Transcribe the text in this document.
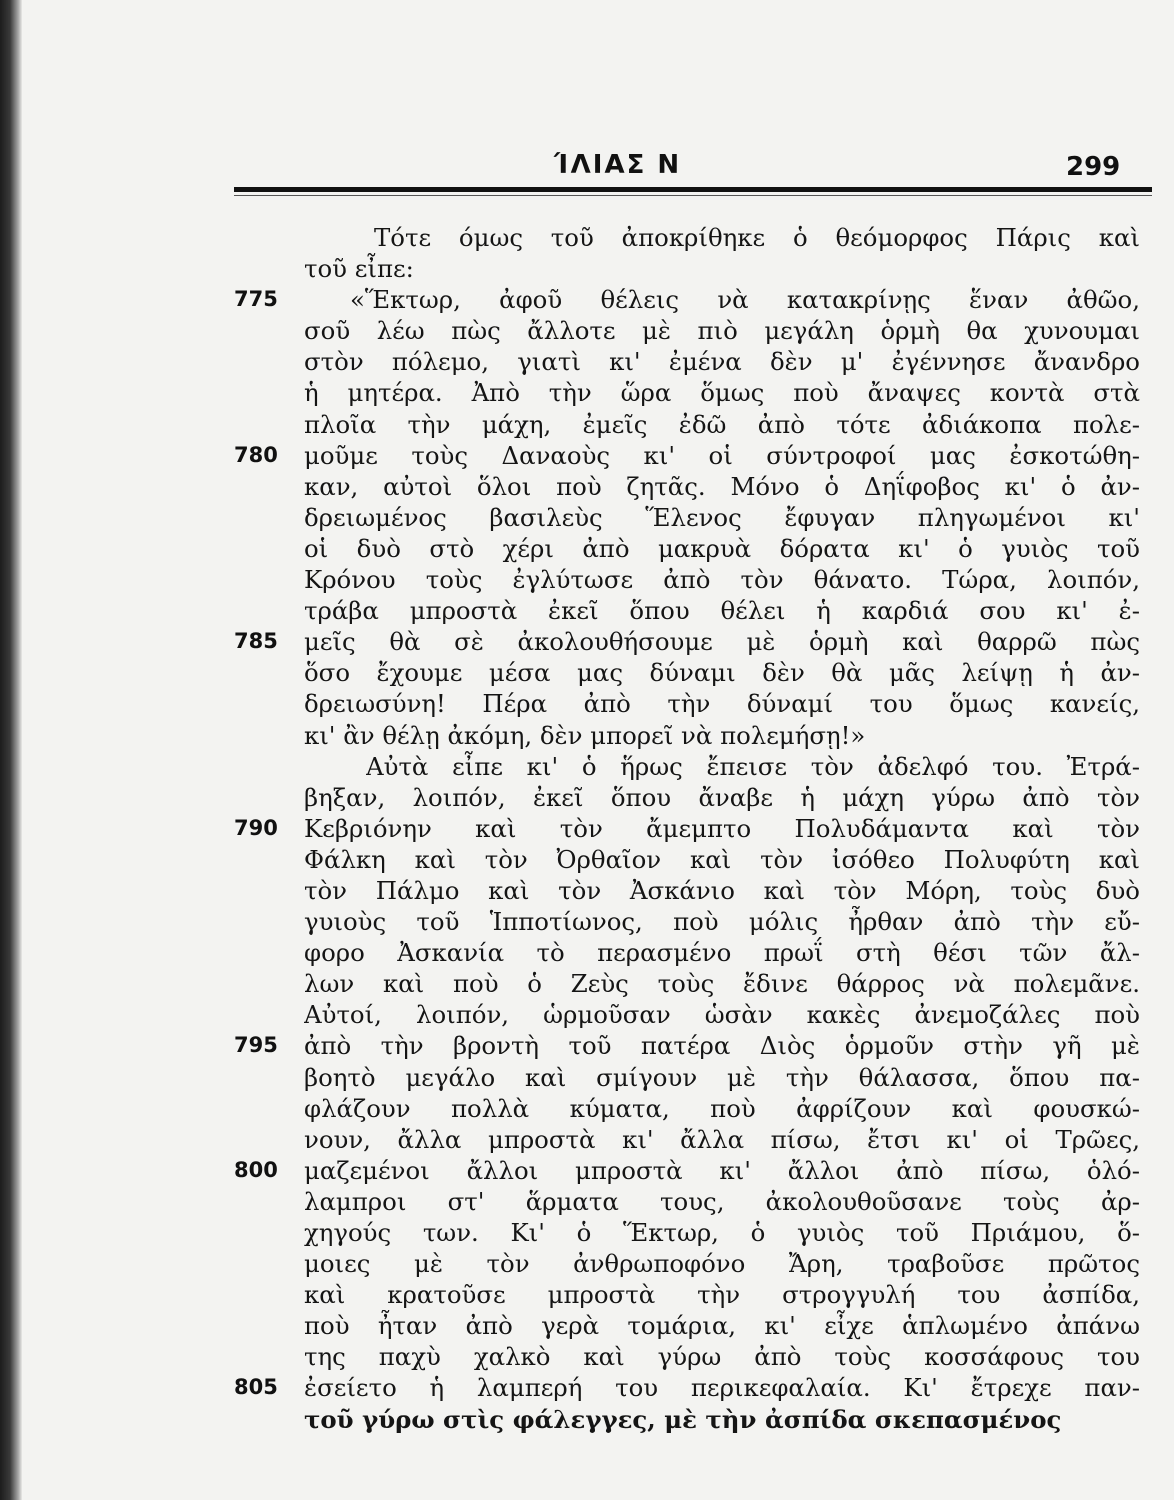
ΊΛΙΑΣ Ν	299
Τότε όμως τοῦ ἀποκρίθηκε ὁ θεόμορφος Πάρις καὶ
τοῦ εἶπε:
775	«Ἕκτωρ, ἀφοῦ θέλεις νὰ κατακρίνῃς ἕναν ἀθῶο,
σοῦ λέω πὼς ἄλλοτε μὲ πιὸ μεγάλη ὁρμὴ θα χυνουμαι
στὸν πόλεμο, γιατὶ κι' ἐμένα δὲν μ' ἐγέννησε ἄνανδρο
ἡ μητέρα. Ἀπὸ τὴν ὥρα ὅμως ποὺ ἄναψες κοντὰ στὰ
πλοῖα τὴν μάχη, ἐμεῖς ἐδῶ ἀπὸ τότε ἀδιάκοπα πολε-
780	μοῦμε τοὺς Δαναοὺς κι' οἱ σύντροφοί μας ἐσκοτώθη-
καν, αὐτοὶ ὅλοι ποὺ ζητᾶς. Μόνο ὁ Δηΐφοβος κι' ὁ ἀν-
δρειωμένος βασιλεὺς Ἕλενος ἔφυγαν πληγωμένοι κι'
οἱ δυὸ στὸ χέρι ἀπὸ μακρυὰ δόρατα κι' ὁ γυιὸς τοῦ
Κρόνου τοὺς ἐγλύτωσε ἀπὸ τὸν θάνατο. Τώρα, λοιπόν,
τράβα μπροστὰ ἐκεῖ ὅπου θέλει ἡ καρδιά σου κι' ἐ-
785	μεῖς θὰ σὲ ἀκολουθήσουμε μὲ ὁρμὴ καὶ θαρρῶ πὼς
ὅσο ἔχουμε μέσα μας δύναμι δὲν θὰ μᾶς λείψῃ ἡ ἀν-
δρειωσύνη! Πέρα ἀπὸ τὴν δύναμί του ὅμως κανείς,
κι' ἂν θέλῃ ἀκόμη, δὲν μπορεῖ νὰ πολεμήσῃ!»
Αὐτὰ εἶπε κι' ὁ ἥρως ἔπεισε τὸν ἀδελφό του. Ἐτρά-
βηξαν, λοιπόν, ἐκεῖ ὅπου ἄναβε ἡ μάχη γύρω ἀπὸ τὸν
790	Κεβριόνην καὶ τὸν ἄμεμπτο Πολυδάμαντα καὶ τὸν
Φάλκη καὶ τὸν Ὀρθαῖον καὶ τὸν ἰσόθεο Πολυφύτη καὶ
τὸν Πάλμο καὶ τὸν Ἀσκάνιο καὶ τὸν Μόρη, τοὺς δυὸ
γυιοὺς τοῦ Ἱπποτίωνος, ποὺ μόλις ἦρθαν ἀπὸ τὴν εὔ-
φορο Ἀσκανία τὸ περασμένο πρωΐ στὴ θέσι τῶν ἄλ-
λων καὶ ποὺ ὁ Ζεὺς τοὺς ἔδινε θάρρος νὰ πολεμᾶνε.
Αὐτοί, λοιπόν, ὡρμοῦσαν ὡσὰν κακὲς ἀνεμοζάλες ποὺ
795	ἀπὸ τὴν βροντὴ τοῦ πατέρα Διὸς ὁρμοῦν στὴν γῆ μὲ
βοητὸ μεγάλο καὶ σμίγουν μὲ τὴν θάλασσα, ὅπου πα-
φλάζουν πολλὰ κύματα, ποὺ ἀφρίζουν καὶ φουσκώ-
νουν, ἄλλα μπροστὰ κι' ἄλλα πίσω, ἔτσι κι' οἱ Τρῶες,
800	μαζεμένοι ἄλλοι μπροστὰ κι' ἄλλοι ἀπὸ πίσω, ὁλό-
λαμπροι στ' ἅρματα τους, ἀκολουθοῦσανε τοὺς ἀρ-
χηγούς των. Κι' ὁ Ἕκτωρ, ὁ γυιὸς τοῦ Πριάμου, ὅ-
μοιες μὲ τὸν ἀνθρωποφόνο Ἄρη, τραβοῦσε πρῶτος
καὶ κρατοῦσε μπροστὰ τὴν στρογγυλή του ἀσπίδα,
ποὺ ἦταν ἀπὸ γερὰ τομάρια, κι' εἶχε ἁπλωμένο ἀπάνω
της παχὺ χαλκὸ καὶ γύρω ἀπὸ τοὺς κοσσάφους του
805	ἐσείετο ἡ λαμπερή του περικεφαλαία. Κι' ἔτρεχε παν-
τοῦ γύρω στὶς φάλεγγες, μὲ τὴν ἀσπίδα σκεπασμένος
